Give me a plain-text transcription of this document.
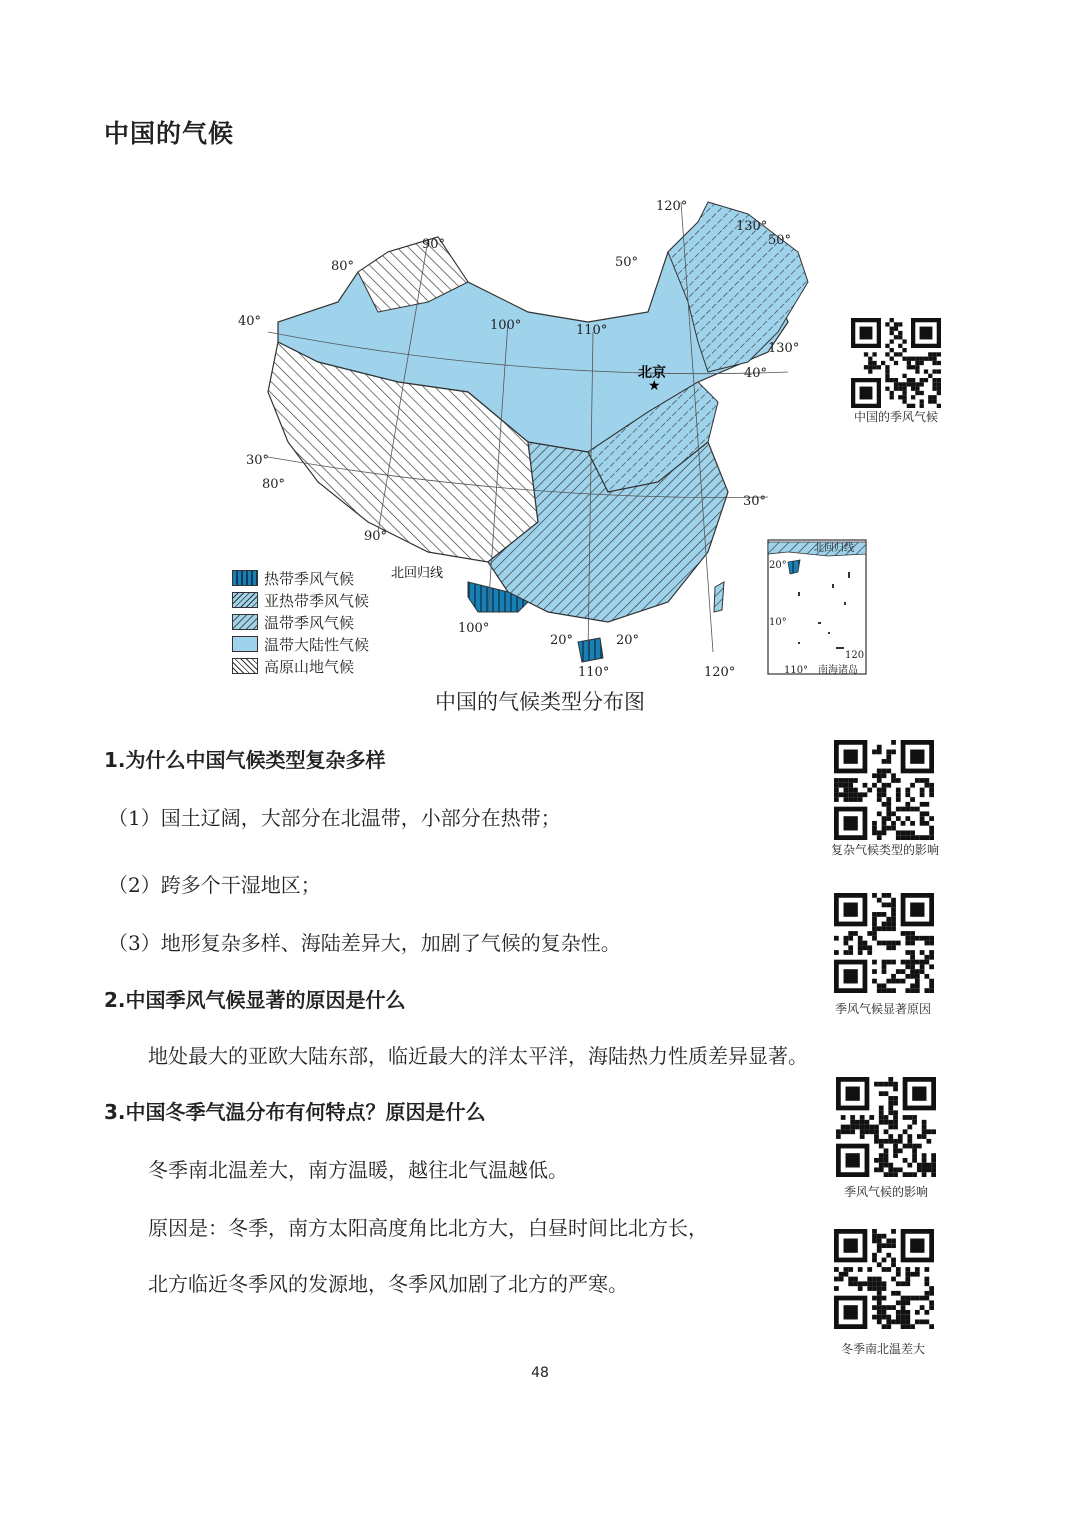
中国的气候
★
北京
北回归线
120°
130°
50°
50°
90°
80°
40°	100°	110°
130°
40°
30°
80°
90°
30°
100°
20°	20°
110°	120°
北回归线
20°
10°
110°
120
南海诸岛
热带季风气候
亚热带季风气候
温带季风气候
温带大陆性气候
高原山地气候
中国的气候类型分布图
1.为什么中国气候类型复杂多样
（1）国土辽阔，大部分在北温带，小部分在热带；
（2）跨多个干湿地区；
（3）地形复杂多样、海陆差异大，加剧了气候的复杂性。
2.中国季风气候显著的原因是什么
地处最大的亚欧大陆东部，临近最大的洋太平洋，海陆热力性质差异显著。
3.中国冬季气温分布有何特点？原因是什么
冬季南北温差大，南方温暖，越往北气温越低。
原因是：冬季，南方太阳高度角比北方大，白昼时间比北方长，
北方临近冬季风的发源地，冬季风加剧了北方的严寒。
中国的季风气候
复杂气候类型的影响
季风气候显著原因
季风气候的影响
冬季南北温差大
48
